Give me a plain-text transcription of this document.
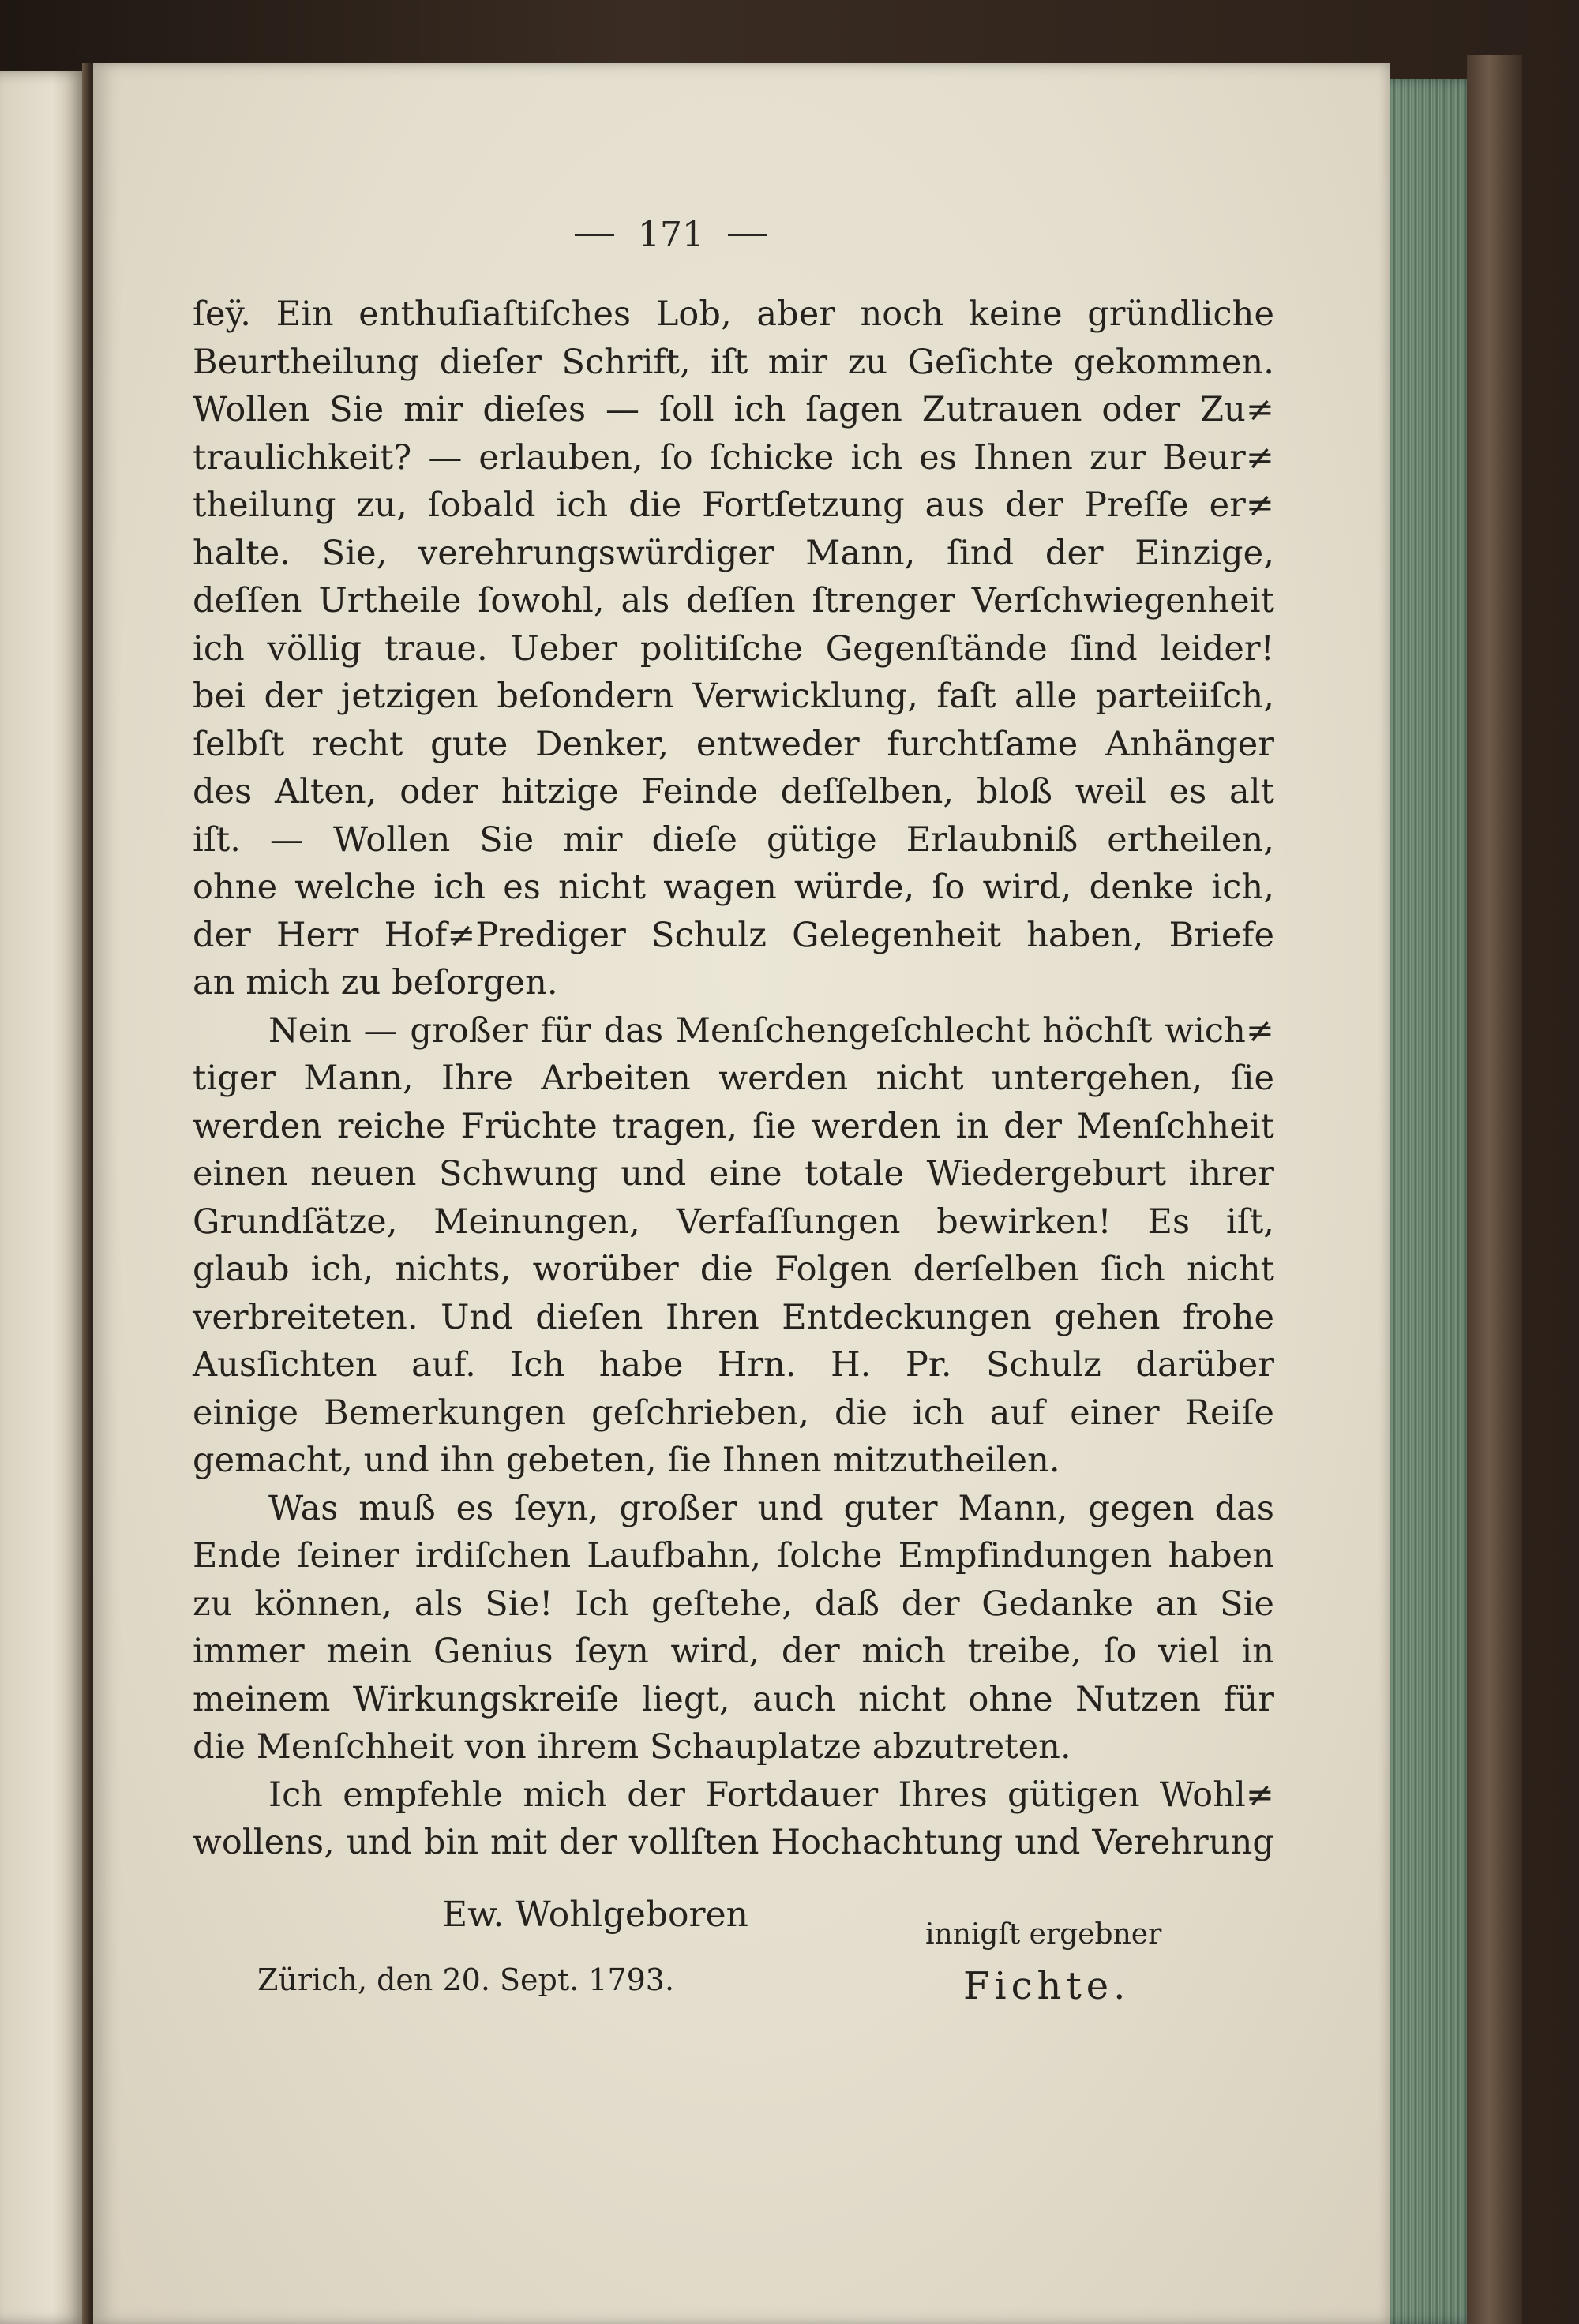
171
ſeÿ. Ein enthuſiaſtiſches Lob, aber noch keine gründliche
Beurtheilung dieſer Schrift, iſt mir zu Geſichte gekommen.
Wollen Sie mir dieſes — ſoll ich ſagen Zutrauen oder Zu≠
traulichkeit? — erlauben, ſo ſchicke ich es Ihnen zur Beur≠
theilung zu, ſobald ich die Fortſetzung aus der Preſſe er≠
halte. Sie, verehrungswürdiger Mann, ſind der Einzige,
deſſen Urtheile ſowohl, als deſſen ſtrenger Verſchwiegenheit
ich völlig traue. Ueber politiſche Gegenſtände ſind leider!
bei der jetzigen beſondern Verwicklung, faſt alle parteiiſch,
ſelbſt recht gute Denker, entweder furchtſame Anhänger
des Alten, oder hitzige Feinde deſſelben, bloß weil es alt
iſt. — Wollen Sie mir dieſe gütige Erlaubniß ertheilen,
ohne welche ich es nicht wagen würde, ſo wird, denke ich,
der Herr Hof≠Prediger Schulz Gelegenheit haben, Briefe
an mich zu beſorgen.
Nein — großer für das Menſchengeſchlecht höchſt wich≠
tiger Mann, Ihre Arbeiten werden nicht untergehen, ſie
werden reiche Früchte tragen, ſie werden in der Menſchheit
einen neuen Schwung und eine totale Wiedergeburt ihrer
Grundſätze, Meinungen, Verfaſſungen bewirken! Es iſt,
glaub ich, nichts, worüber die Folgen derſelben ſich nicht
verbreiteten. Und dieſen Ihren Entdeckungen gehen frohe
Ausſichten auf. Ich habe Hrn. H. Pr. Schulz darüber
einige Bemerkungen geſchrieben, die ich auf einer Reiſe
gemacht, und ihn gebeten, ſie Ihnen mitzutheilen.
Was muß es ſeyn, großer und guter Mann, gegen das
Ende ſeiner irdiſchen Laufbahn, ſolche Empfindungen haben
zu können, als Sie! Ich geſtehe, daß der Gedanke an Sie
immer mein Genius ſeyn wird, der mich treibe, ſo viel in
meinem Wirkungskreiſe liegt, auch nicht ohne Nutzen für
die Menſchheit von ihrem Schauplatze abzutreten.
Ich empfehle mich der Fortdauer Ihres gütigen Wohl≠
wollens, und bin mit der vollſten Hochachtung und Verehrung
Ew. Wohlgeboren	innigſt ergebner
Zürich, den 20. Sept. 1793.	Fichte.
